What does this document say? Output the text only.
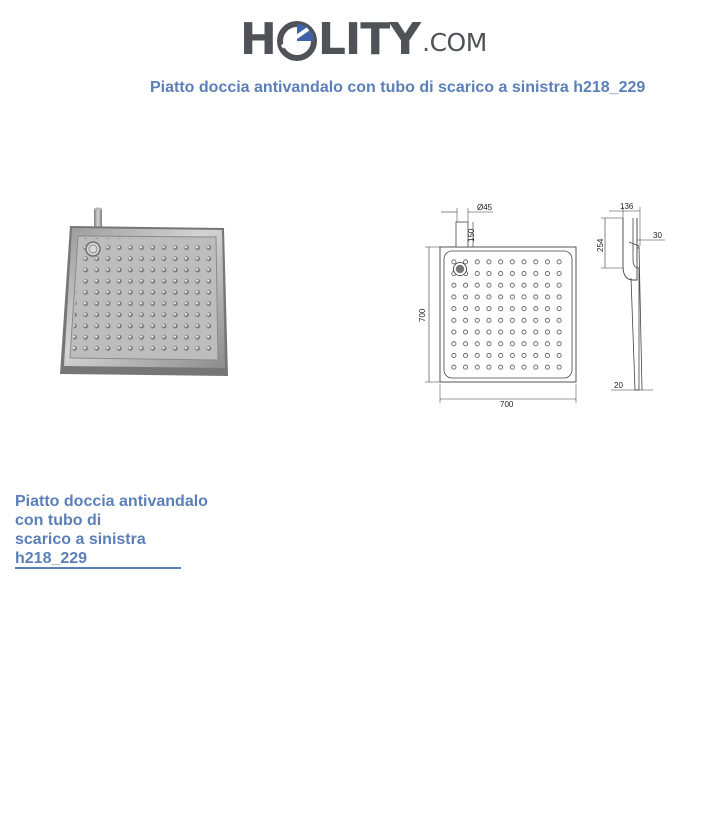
H LITY .COM
Piatto doccia antivandalo con tubo di scarico a sinistra h218_229
Ø45
150
700
700
136
254
30
20
Piatto doccia antivandalo
con tubo di
scarico a sinistra
h218_229
